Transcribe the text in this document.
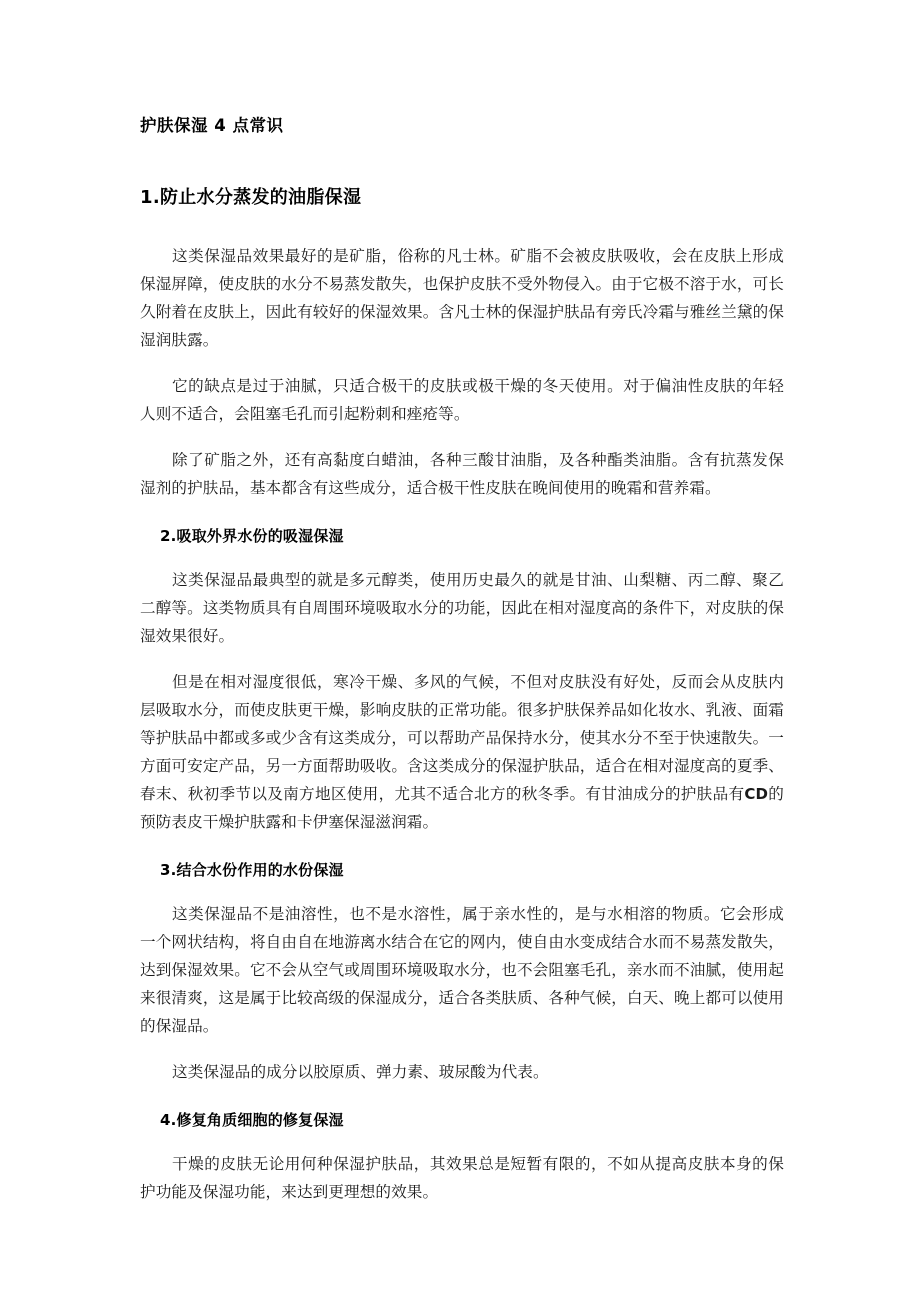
护肤保湿 4 点常识
1.防止水分蒸发的油脂保湿

这类保湿品效果最好的是矿脂，俗称的凡士林。矿脂不会被皮肤吸收，会在皮肤上形成保湿屏障，使皮肤的水分不易蒸发散失，也保护皮肤不受外物侵入。由于它极不溶于水，可长久附着在皮肤上，因此有较好的保湿效果。含凡士林的保湿护肤品有旁氏冷霜与雅丝兰黛的保湿润肤露。

它的缺点是过于油腻，只适合极干的皮肤或极干燥的冬天使用。对于偏油性皮肤的年轻人则不适合，会阻塞毛孔而引起粉刺和痤疮等。

除了矿脂之外，还有高黏度白蜡油，各种三酸甘油脂，及各种酯类油脂。含有抗蒸发保湿剂的护肤品，基本都含有这些成分，适合极干性皮肤在晚间使用的晚霜和营养霜。

2.吸取外界水份的吸湿保湿

这类保湿品最典型的就是多元醇类，使用历史最久的就是甘油、山梨糖、丙二醇、聚乙二醇等。这类物质具有自周围环境吸取水分的功能，因此在相对湿度高的条件下，对皮肤的保湿效果很好。

但是在相对湿度很低，寒冷干燥、多风的气候，不但对皮肤没有好处，反而会从皮肤内层吸取水分，而使皮肤更干燥，影响皮肤的正常功能。很多护肤保养品如化妆水、乳液、面霜等护肤品中都或多或少含有这类成分，可以帮助产品保持水分，使其水分不至于快速散失。一方面可安定产品，另一方面帮助吸收。含这类成分的保湿护肤品，适合在相对湿度高的夏季、春末、秋初季节以及南方地区使用，尤其不适合北方的秋冬季。有甘油成分的护肤品有CD的预防表皮干燥护肤露和卡伊塞保湿滋润霜。

3.结合水份作用的水份保湿

这类保湿品不是油溶性，也不是水溶性，属于亲水性的，是与水相溶的物质。它会形成一个网状结构，将自由自在地游离水结合在它的网内，使自由水变成结合水而不易蒸发散失，达到保湿效果。它不会从空气或周围环境吸取水分，也不会阻塞毛孔，亲水而不油腻，使用起来很清爽，这是属于比较高级的保湿成分，适合各类肤质、各种气候，白天、晚上都可以使用的保湿品。

这类保湿品的成分以胶原质、弹力素、玻尿酸为代表。

4.修复角质细胞的修复保湿

干燥的皮肤无论用何种保湿护肤品，其效果总是短暂有限的，不如从提高皮肤本身的保护功能及保湿功能，来达到更理想的效果。
